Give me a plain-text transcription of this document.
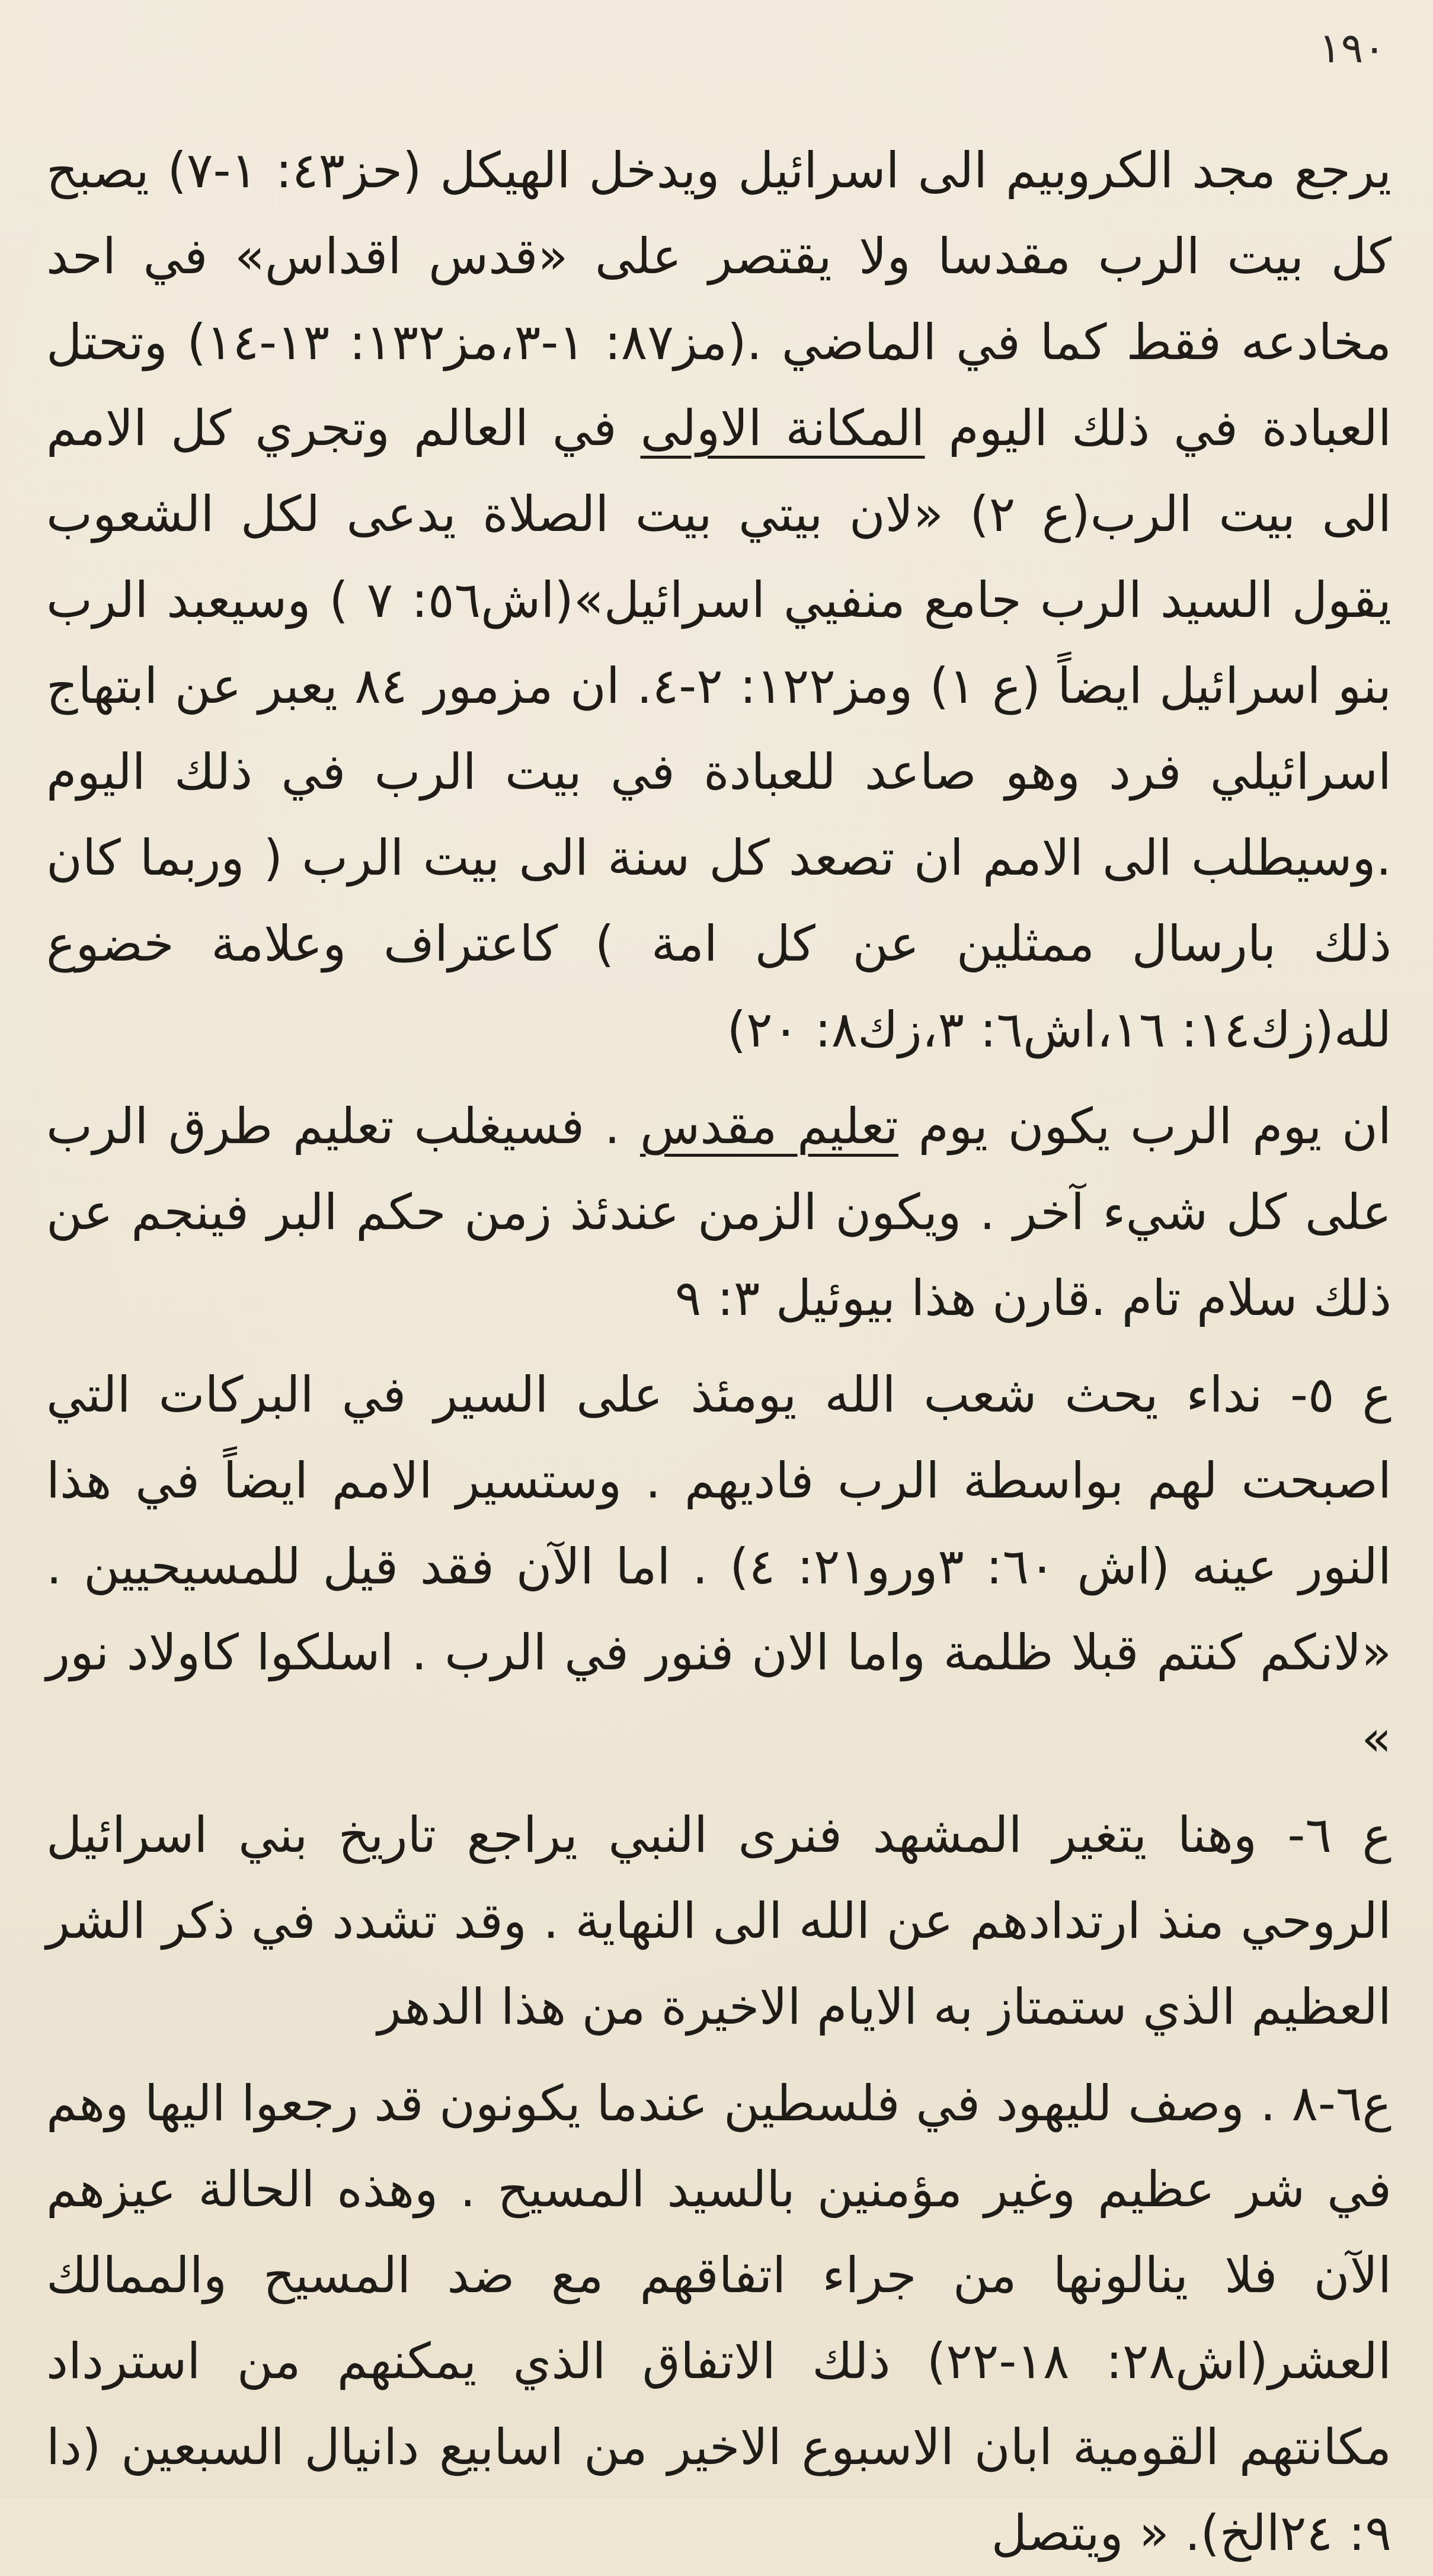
١٩٠

يرجع مجد الكروبيم الى اسرائيل ويدخل الهيكل (حز٤٣: ١-٧) يصبح كل بيت الرب مقدسا ولا يقتصر على «قدس اقداس» في احد مخادعه فقط كما في الماضي .(مز٨٧: ١-٣،مز١٣٢: ١٣-١٤) وتحتل العبادة في ذلك اليوم المكانة الاولى في العالم وتجري كل الامم الى بيت الرب(ع ٢) «لان بيتي بيت الصلاة يدعى لكل الشعوب يقول السيد الرب جامع منفيي اسرائيل»(اش٥٦: ٧ ) وسيعبد الرب بنو اسرائيل ايضاً (ع ١) ومز١٢٢: ٢-٤. ان مزمور ٨٤ يعبر عن ابتهاج اسرائيلي فرد وهو صاعد للعبادة في بيت الرب في ذلك اليوم .وسيطلب الى الامم ان تصعد كل سنة الى بيت الرب ( وربما كان ذلك بارسال ممثلين عن كل امة ) كاعتراف وعلامة خضوع لله(زك١٤: ١٦،اش٦: ٣،زك٨: ٢٠)

ان يوم الرب يكون يوم تعليم مقدس . فسيغلب تعليم طرق الرب على كل شيء آخر . ويكون الزمن عندئذ زمن حكم البر فينجم عن ذلك سلام تام .قارن هذا بيوئيل ٣: ٩

ع ٥- نداء يحث شعب الله يومئذ على السير في البركات التي اصبحت لهم بواسطة الرب فاديهم . وستسير الامم ايضاً في هذا النور عينه (اش ٦٠: ٣ورو٢١: ٤) . اما الآن فقد قيل للمسيحيين . «لانكم كنتم قبلا ظلمة واما الان فنور في الرب . اسلكوا كاولاد نور »

ع ٦- وهنا يتغير المشهد فنرى النبي يراجع تاريخ بني اسرائيل الروحي منذ ارتدادهم عن الله الى النهاية . وقد تشدد في ذكر الشر العظيم الذي ستمتاز به الايام الاخيرة من هذا الدهر

ع٦-٨ . وصف لليهود في فلسطين عندما يكونون قد رجعوا اليها وهم في شر عظيم وغير مؤمنين بالسيد المسيح . وهذه الحالة عيزهم الآن فلا ينالونها من جراء اتفاقهم مع ضد المسيح والممالك العشر(اش٢٨: ١٨-٢٢) ذلك الاتفاق الذي يمكنهم من استرداد مكانتهم القومية ابان الاسبوع الاخير من اسابيع دانيال السبعين (دا ٩: ٢٤الخ). « ويتصل
